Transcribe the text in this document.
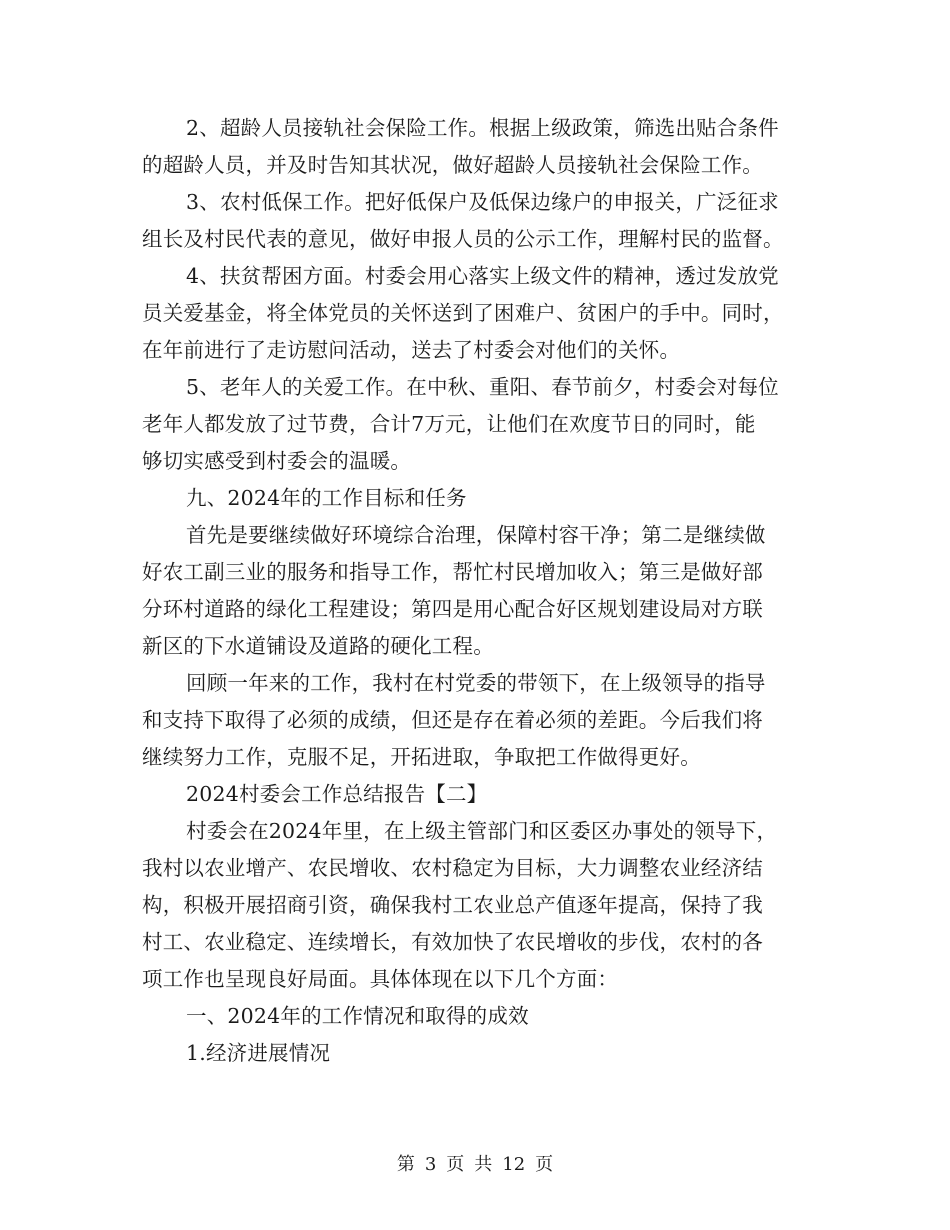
2、超龄人员接轨社会保险工作。根据上级政策，筛选出贴合条件
的超龄人员，并及时告知其状况，做好超龄人员接轨社会保险工作。
3、农村低保工作。把好低保户及低保边缘户的申报关，广泛征求
组长及村民代表的意见，做好申报人员的公示工作，理解村民的监督。
4、扶贫帮困方面。村委会用心落实上级文件的精神，透过发放党
员关爱基金，将全体党员的关怀送到了困难户、贫困户的手中。同时，
在年前进行了走访慰问活动，送去了村委会对他们的关怀。
5、老年人的关爱工作。在中秋、重阳、春节前夕，村委会对每位
老年人都发放了过节费，合计7万元，让他们在欢度节日的同时，能
够切实感受到村委会的温暖。
九、2024年的工作目标和任务
首先是要继续做好环境综合治理，保障村容干净；第二是继续做
好农工副三业的服务和指导工作，帮忙村民增加收入；第三是做好部
分环村道路的绿化工程建设；第四是用心配合好区规划建设局对方联
新区的下水道铺设及道路的硬化工程。
回顾一年来的工作，我村在村党委的带领下，在上级领导的指导
和支持下取得了必须的成绩，但还是存在着必须的差距。今后我们将
继续努力工作，克服不足，开拓进取，争取把工作做得更好。
2024村委会工作总结报告【二】
村委会在2024年里，在上级主管部门和区委区办事处的领导下，
我村以农业增产、农民增收、农村稳定为目标，大力调整农业经济结
构，积极开展招商引资，确保我村工农业总产值逐年提高，保持了我
村工、农业稳定、连续增长，有效加快了农民增收的步伐，农村的各
项工作也呈现良好局面。具体体现在以下几个方面：
一、2024年的工作情况和取得的成效
1.经济进展情况
第 3 页 共 12 页
